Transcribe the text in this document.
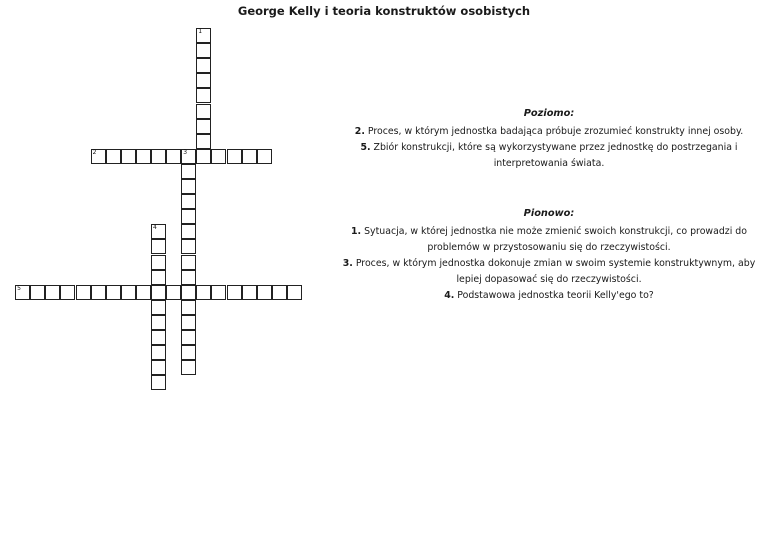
George Kelly i teoria konstruktów osobistych
1
2	3
4
5
Poziomo:
2. Proces, w którym jednostka badająca próbuje zrozumieć konstrukty innej osoby.
5. Zbiór konstrukcji, które są wykorzystywane przez jednostkę do postrzegania i interpretowania świata.
Pionowo:
1. Sytuacja, w której jednostka nie może zmienić swoich konstrukcji, co prowadzi do problemów w przystosowaniu się do rzeczywistości.
3. Proces, w którym jednostka dokonuje zmian w swoim systemie konstruktywnym, aby lepiej dopasować się do rzeczywistości.
4. Podstawowa jednostka teorii Kelly'ego to?
